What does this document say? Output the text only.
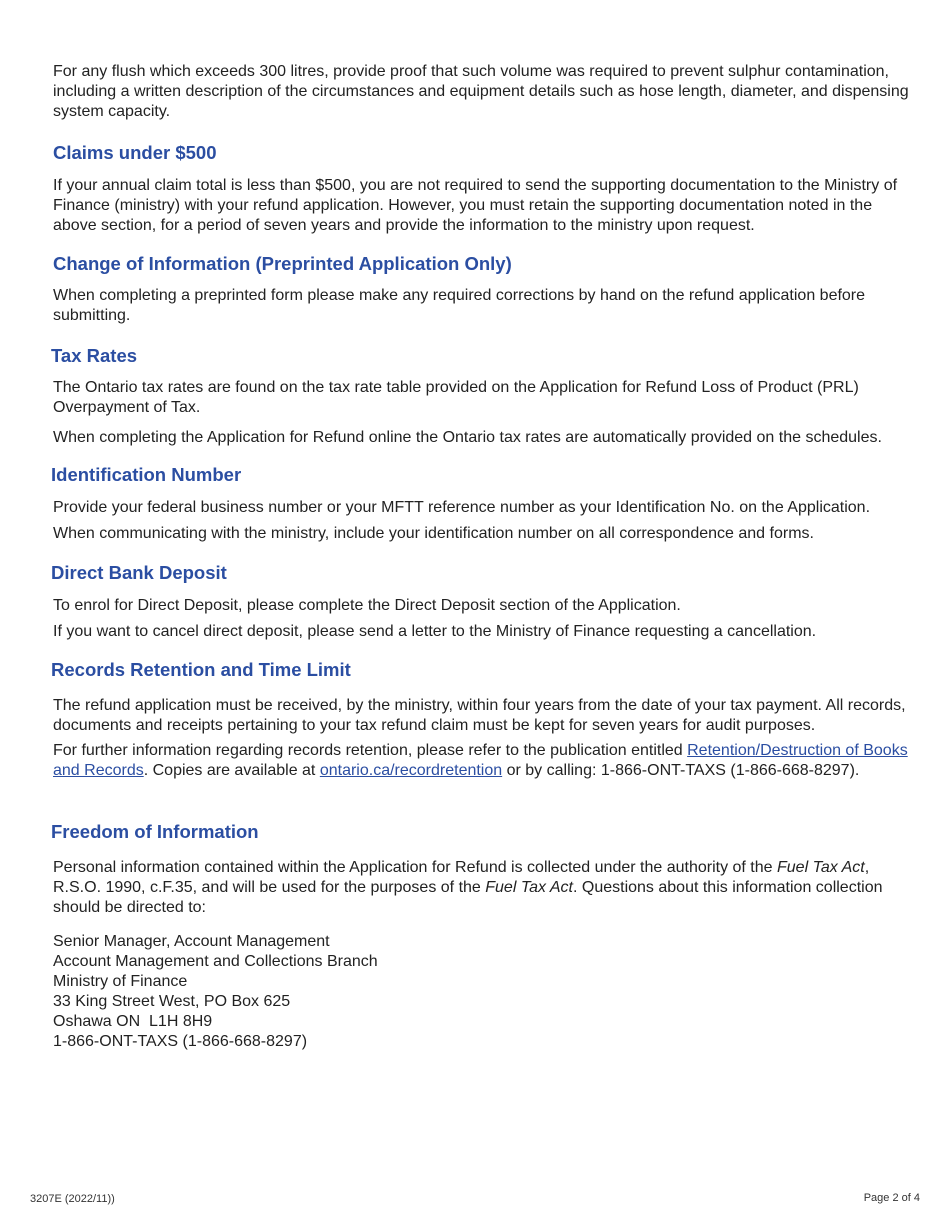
For any flush which exceeds 300 litres, provide proof that such volume was required to prevent sulphur contamination, including a written description of the circumstances and equipment details such as hose length, diameter, and dispensing system capacity.

Claims under $500

If your annual claim total is less than $500, you are not required to send the supporting documentation to the Ministry of Finance (ministry) with your refund application. However, you must retain the supporting documentation noted in the above section, for a period of seven years and provide the information to the ministry upon request.

Change of Information (Preprinted Application Only)

When completing a preprinted form please make any required corrections by hand on the refund application before submitting.

Tax Rates

The Ontario tax rates are found on the tax rate table provided on the Application for Refund Loss of Product (PRL) Overpayment of Tax.

When completing the Application for Refund online the Ontario tax rates are automatically provided on the schedules.

Identification Number

Provide your federal business number or your MFTT reference number as your Identification No. on the Application.

When communicating with the ministry, include your identification number on all correspondence and forms.

Direct Bank Deposit

To enrol for Direct Deposit, please complete the Direct Deposit section of the Application.

If you want to cancel direct deposit, please send a letter to the Ministry of Finance requesting a cancellation.

Records Retention and Time Limit

The refund application must be received, by the ministry, within four years from the date of your tax payment. All records, documents and receipts pertaining to your tax refund claim must be kept for seven years for audit purposes.

For further information regarding records retention, please refer to the publication entitled Retention/Destruction of Books and Records. Copies are available at ontario.ca/recordretention or by calling: 1-866-ONT-TAXS (1-866-668-8297).

Freedom of Information

Personal information contained within the Application for Refund is collected under the authority of the Fuel Tax Act, R.S.O. 1990, c.F.35, and will be used for the purposes of the Fuel Tax Act. Questions about this information collection should be directed to:

Senior Manager, Account Management
Account Management and Collections Branch
Ministry of Finance
33 King Street West, PO Box 625
Oshawa ON  L1H 8H9
1-866-ONT-TAXS (1-866-668-8297)
3207E (2022/11))	Page 2 of 4
